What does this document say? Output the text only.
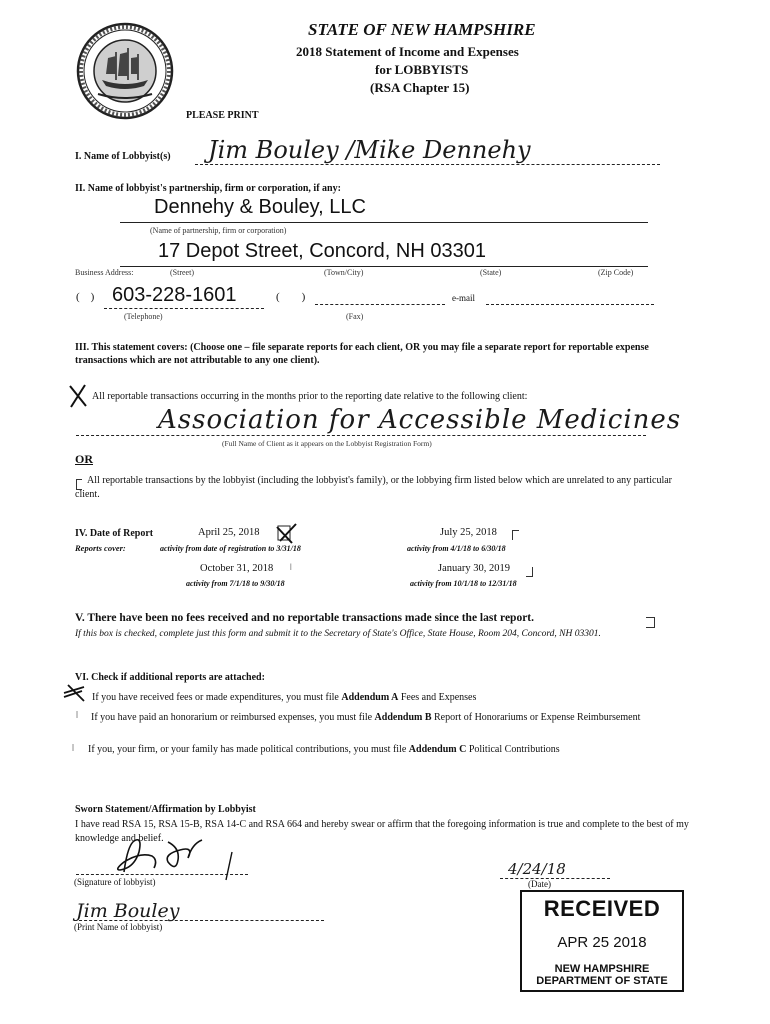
STATE OF NEW HAMPSHIRE
2018 Statement of Income and Expenses
for LOBBYISTS
(RSA Chapter 15)
PLEASE PRINT
I. Name of Lobbyist(s) Jim Bouley /Mike Dennehy
II. Name of lobbyist's partnership, firm or corporation, if any:
Dennehy & Bouley, LLC
(Name of partnership, firm or corporation)
17 Depot Street, Concord, NH 03301
Business Address:	(Street)	(Town/City)	(State)	(Zip Code)
(    ) 603-228-1601
(Telephone)
(        )
(Fax)
e-mail
III. This statement covers: (Choose one – file separate reports for each client, OR you may file a separate report for reportable expense transactions which are not attributable to any one client).
All reportable transactions occurring in the months prior to the reporting date relative to the following client:
Association for Accessible Medicines
(Full Name of Client as it appears on the Lobbyist Registration Form)
OR
All reportable transactions by the lobbyist (including the lobbyist's family), or the lobbying firm listed below which are unrelated to any particular client.
IV. Date of Report
Reports cover:
April 25, 2018
activity from date of registration to 3/31/18
July 25, 2018
activity from 4/1/18 to 6/30/18
October 31, 2018 ǀ
activity from 7/1/18 to 9/30/18
January 30, 2019
activity from 10/1/18 to 12/31/18
V. There have been no fees received and no reportable transactions made since the last report.
If this box is checked, complete just this form and submit it to the Secretary of State's Office, State House, Room 204, Concord, NH 03301.
VI. Check if additional reports are attached:
If you have received fees or made expenditures, you must file Addendum A Fees and Expenses
ǀ	If you have paid an honorarium or reimbursed expenses, you must file Addendum B Report of Honorariums or Expense Reimbursement
ǀ If you, your firm, or your family has made political contributions, you must file Addendum C Political Contributions
Sworn Statement/Affirmation by Lobbyist
I have read RSA 15, RSA 15-B, RSA 14-C and RSA 664 and hereby swear or affirm that the foregoing information is true and complete to the best of my knowledge and belief.
(Signature of lobbyist)
4/24/18
(Date)
Jim Bouley
(Print Name of lobbyist)
RECEIVED
APR 25 2018
NEW HAMPSHIRE
DEPARTMENT OF STATE
